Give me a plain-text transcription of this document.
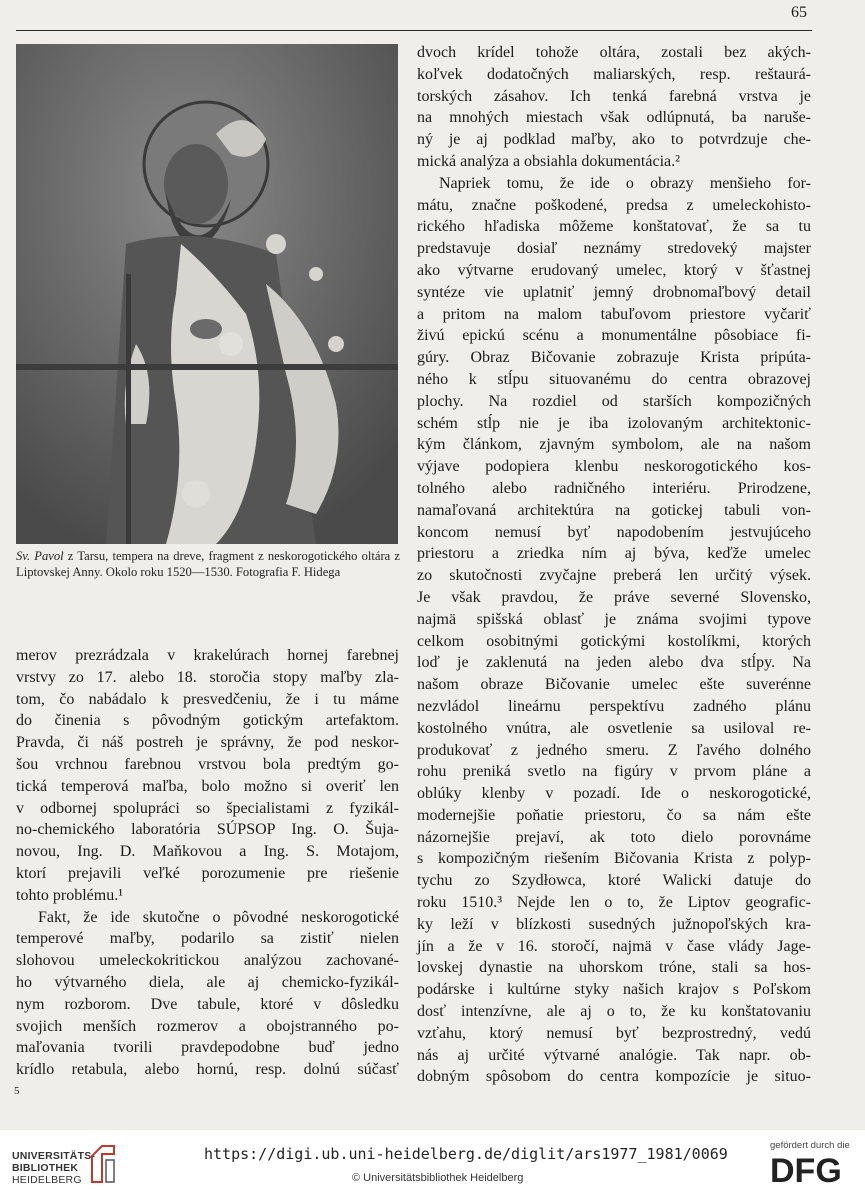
65
Sv. Pavol z Tarsu, tempera na dreve, fragment z neskorogotického oltára z Liptovskej Anny. Okolo roku 1520—1530. Fotografia F. Hidega
merov prezrádzala v krakelúrach hornej farebnej
vrstvy zo 17. alebo 18. storočia stopy maľby zla-
tom, čo nabádalo k presvedčeniu, že i tu máme
do činenia s pôvodným gotickým artefaktom.
Pravda, či náš postreh je správny, že pod neskor-
šou vrchnou farebnou vrstvou bola predtým go-
tická temperová maľba, bolo možno si overiť len
v odbornej spolupráci so špecialistami z fyzikál-
no-chemického laboratória SÚPSOP Ing. O. Šuja-
novou, Ing. D. Maňkovou a Ing. S. Motajom,
ktorí prejavili veľké porozumenie pre riešenie
tohto problému.¹
Fakt, že ide skutočne o pôvodné neskorogotické
temperové maľby, podarilo sa zistiť nielen
slohovou umeleckokritickou analýzou zachované-
ho výtvarného diela, ale aj chemicko-fyzikál-
nym rozborom. Dve tabule, ktoré v dôsledku
svojich menších rozmerov a obojstranného po-
maľovania tvorili pravdepodobne buď jedno
krídlo retabula, alebo hornú, resp. dolnú súčasť
dvoch krídel tohože oltára, zostali bez akých-
koľvek dodatočných maliarských, resp. reštaurá-
torských zásahov. Ich tenká farebná vrstva je
na mnohých miestach však odlúpnutá, ba naruše-
ný je aj podklad maľby, ako to potvrdzuje che-
mická analýza a obsiahla dokumentácia.²
Napriek tomu, že ide o obrazy menšieho for-
mátu, značne poškodené, predsa z umeleckohisto-
rického hľadiska môžeme konštatovať, že sa tu
predstavuje dosiaľ neznámy stredoveký majster
ako výtvarne erudovaný umelec, ktorý v šťastnej
syntéze vie uplatniť jemný drobnomaľbový detail
a pritom na malom tabuľovom priestore vyčariť
živú epickú scénu a monumentálne pôsobiace fi-
gúry. Obraz Bičovanie zobrazuje Krista pripúta-
ného k stĺpu situovanému do centra obrazovej
plochy. Na rozdiel od starších kompozičných
schém stĺp nie je iba izolovaným architektonic-
kým článkom, zjavným symbolom, ale na našom
výjave podopiera klenbu neskorogotického kos-
tolného alebo radničného interiéru. Prirodzene,
namaľovaná architektúra na gotickej tabuli von-
koncom nemusí byť napodobením jestvujúceho
priestoru a zriedka ním aj býva, keďže umelec
zo skutočnosti zvyčajne preberá len určitý výsek.
Je však pravdou, že práve severné Slovensko,
najmä spišská oblasť je známa svojimi typove
celkom osobitnými gotickými kostolíkmi, ktorých
loď je zaklenutá na jeden alebo dva stĺpy. Na
našom obraze Bičovanie umelec ešte suverénne
nezvládol lineárnu perspektívu zadného plánu
kostolného vnútra, ale osvetlenie sa usiloval re-
produkovať z jedného smeru. Z ľavého dolného
rohu preniká svetlo na figúry v prvom pláne a
oblúky klenby v pozadí. Ide o neskorogotické,
modernejšie poňatie priestoru, čo sa nám ešte
názornejšie prejaví, ak toto dielo porovnáme
s kompozičným riešením Bičovania Krista z polyp-
tychu zo Szydłowca, ktoré Walicki datuje do
roku 1510.³ Nejde len o to, že Liptov geografic-
ky leží v blízkosti susedných južnopoľských kra-
jín a že v 16. storočí, najmä v čase vlády Jage-
lovskej dynastie na uhorskom tróne, stali sa hos-
podárske i kultúrne styky našich krajov s Poľskom
dosť intenzívne, ale aj o to, že ku konštatovaniu
vzťahu, ktorý nemusí byť bezprostredný, vedú
nás aj určité výtvarné analógie. Tak napr. ob-
dobným spôsobom do centra kompozície je situo-
5
UNIVERSITÄTS-
BIBLIOTHEK
HEIDELBERG
https://digi.ub.uni-heidelberg.de/diglit/ars1977_1981/0069
© Universitätsbibliothek Heidelberg
gefördert durch die
DFG
